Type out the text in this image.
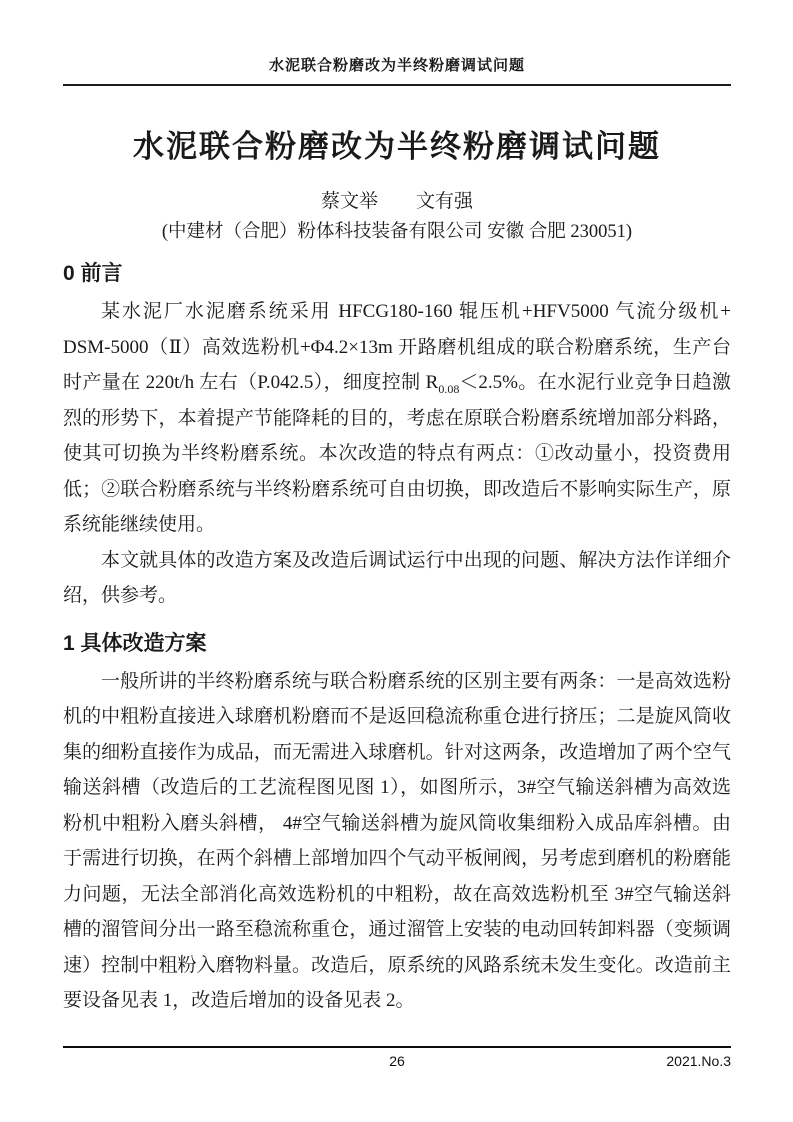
水泥联合粉磨改为半终粉磨调试问题
水泥联合粉磨改为半终粉磨调试问题
蔡文举　　文有强
(中建材（合肥）粉体科技装备有限公司 安徽 合肥 230051)
0 前言

某水泥厂水泥磨系统采用 HFCG180-160 辊压机+HFV5000 气流分级机+ DSM-5000（Ⅱ）高效选粉机+Φ4.2×13m 开路磨机组成的联合粉磨系统，生产台时产量在 220t/h 左右（P.042.5），细度控制 $R_{0.08}<2.5\%$。在水泥行业竞争日趋激烈的形势下，本着提产节能降耗的目的，考虑在原联合粉磨系统增加部分料路，使其可切换为半终粉磨系统。本次改造的特点有两点：①改动量小，投资费用低；②联合粉磨系统与半终粉磨系统可自由切换，即改造后不影响实际生产，原系统能继续使用。

本文就具体的改造方案及改造后调试运行中出现的问题、解决方法作详细介绍，供参考。

1 具体改造方案

一般所讲的半终粉磨系统与联合粉磨系统的区别主要有两条：一是高效选粉机的中粗粉直接进入球磨机粉磨而不是返回稳流称重仓进行挤压；二是旋风筒收集的细粉直接作为成品，而无需进入球磨机。针对这两条，改造增加了两个空气输送斜槽（改造后的工艺流程图见图 1），如图所示，3#空气输送斜槽为高效选粉机中粗粉入磨头斜槽， 4#空气输送斜槽为旋风筒收集细粉入成品库斜槽。由于需进行切换，在两个斜槽上部增加四个气动平板闸阀，另考虑到磨机的粉磨能力问题，无法全部消化高效选粉机的中粗粉，故在高效选粉机至 3#空气输送斜槽的溜管间分出一路至稳流称重仓，通过溜管上安装的电动回转卸料器（变频调速）控制中粗粉入磨物料量。改造后，原系统的风路系统未发生变化。改造前主要设备见表 1，改造后增加的设备见表 2。

26	2021.No.3
